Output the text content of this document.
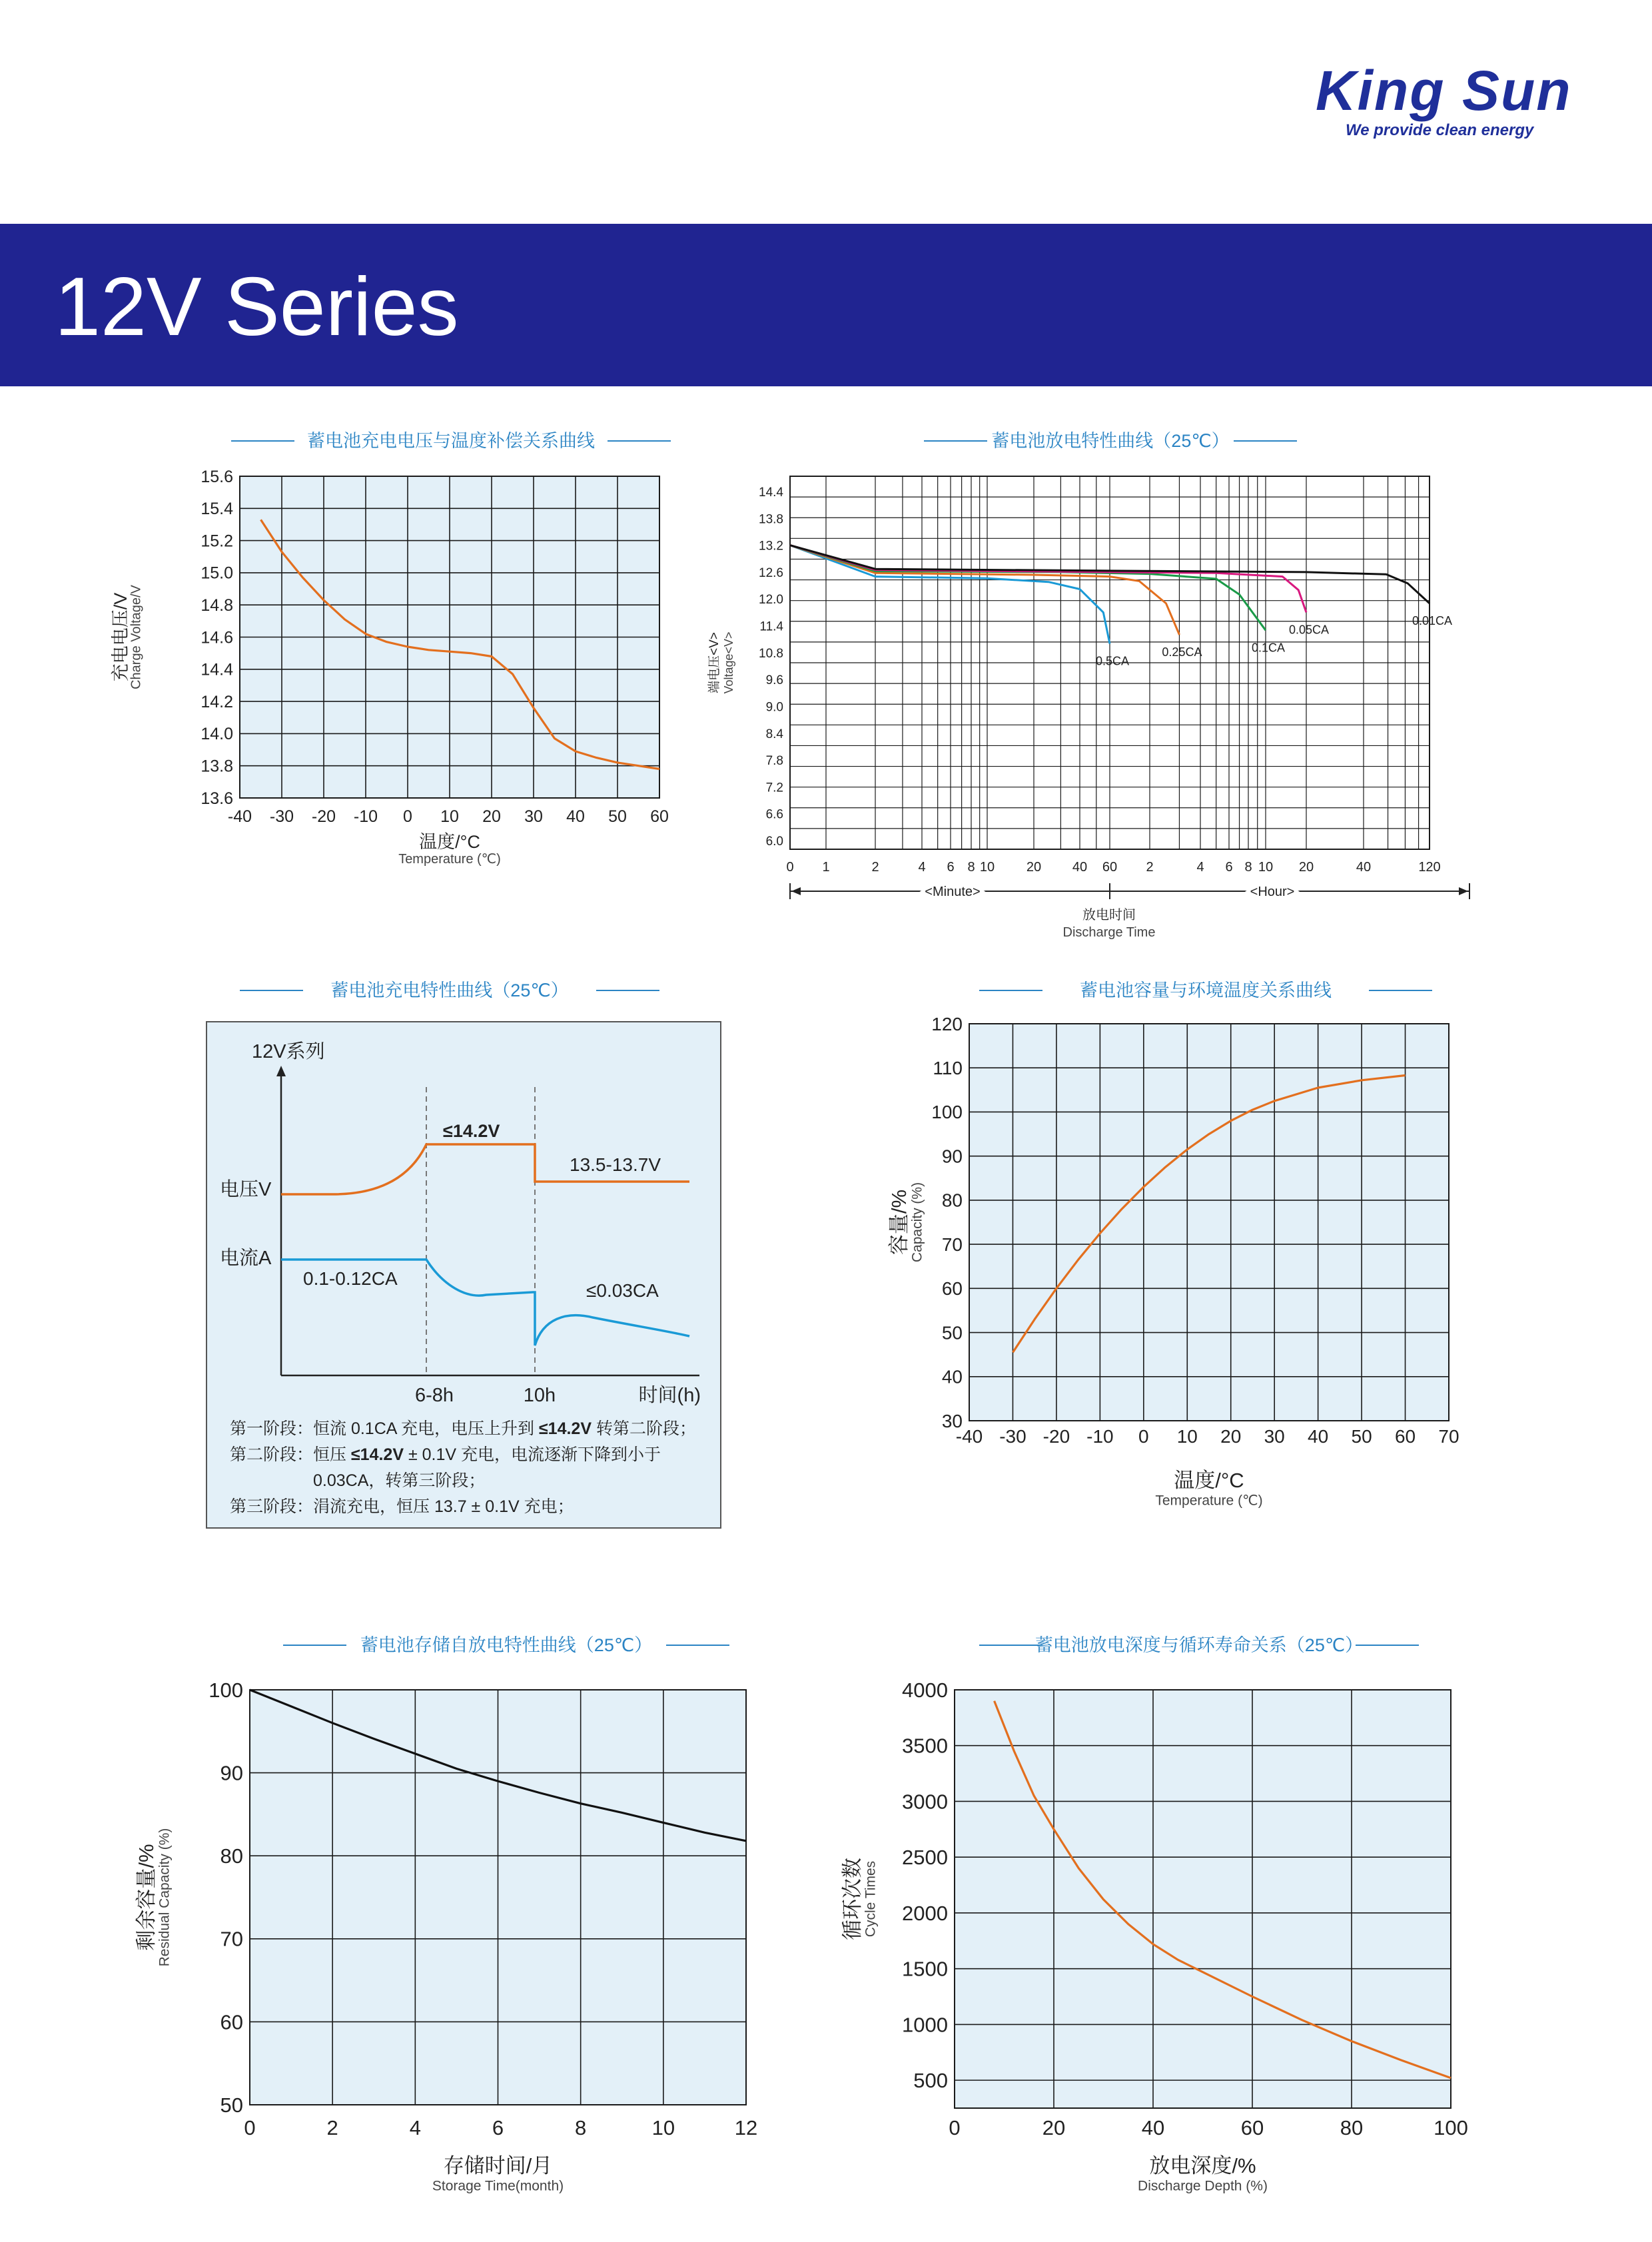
King Sun
We provide clean energy
12V Series
蓄电池充电电压与温度补偿关系曲线
-40 -30 -20 -10 0 10 20 30 40 50 60
15.6
15.4
15.2
15.0
14.8
14.6
14.4
14.2
14.0
13.8
13.6
温度/°C
Temperature (℃)
充电电压/V
Charge Voltage/V
蓄电池放电特性曲线（25℃）
14.4
13.8
13.2
12.6
12.0
11.4
10.8
9.6
9.0
8.4
7.8
7.2
6.6
6.0
0 1	2	4 6 8 10 20 40 60 2	4 6 8 10 20	40	120
0.5CA
0.25CA	0.1CA
0.05CA
0.01CA
端电压<V> Voltage<V>
<Minute>	<Hour>
放电时间
Discharge Time
蓄电池充电特性曲线（25℃）
12V系列
电压V
电流A
≤14.2V
13.5-13.7V
0.1-0.12CA
≤0.03CA
6-8h	10h	时间(h)
第一阶段：恒流 0.1CA 充电，电压上升到 ≤14.2V 转第二阶段；
第二阶段：恒压 ≤14.2V ± 0.1V 充电，电流逐渐下降到小于
0.03CA，转第三阶段；
第三阶段：涓流充电，恒压 13.7 ± 0.1V 充电；
蓄电池容量与环境温度关系曲线
-40 -30 -20 -10 0 10 20 30 40 50 60 70
120
110
100
90
80
70
60
50
40
30
温度/°C
Temperature (℃)
容量/%
Capacity (%)
蓄电池存储自放电特性曲线（25℃）
0	2	4	6	8	10	12
100
90
80
70
60
50
存储时间/月
Storage Time(month)
剩余容量/%
Residual Capacity (%)
蓄电池放电深度与循环寿命关系（25℃）
0	20	40	60	80	100
4000
3500
3000
2500
2000
1500
1000
500
放电深度/%
Discharge Depth (%)
循环次数
Cycle Times
